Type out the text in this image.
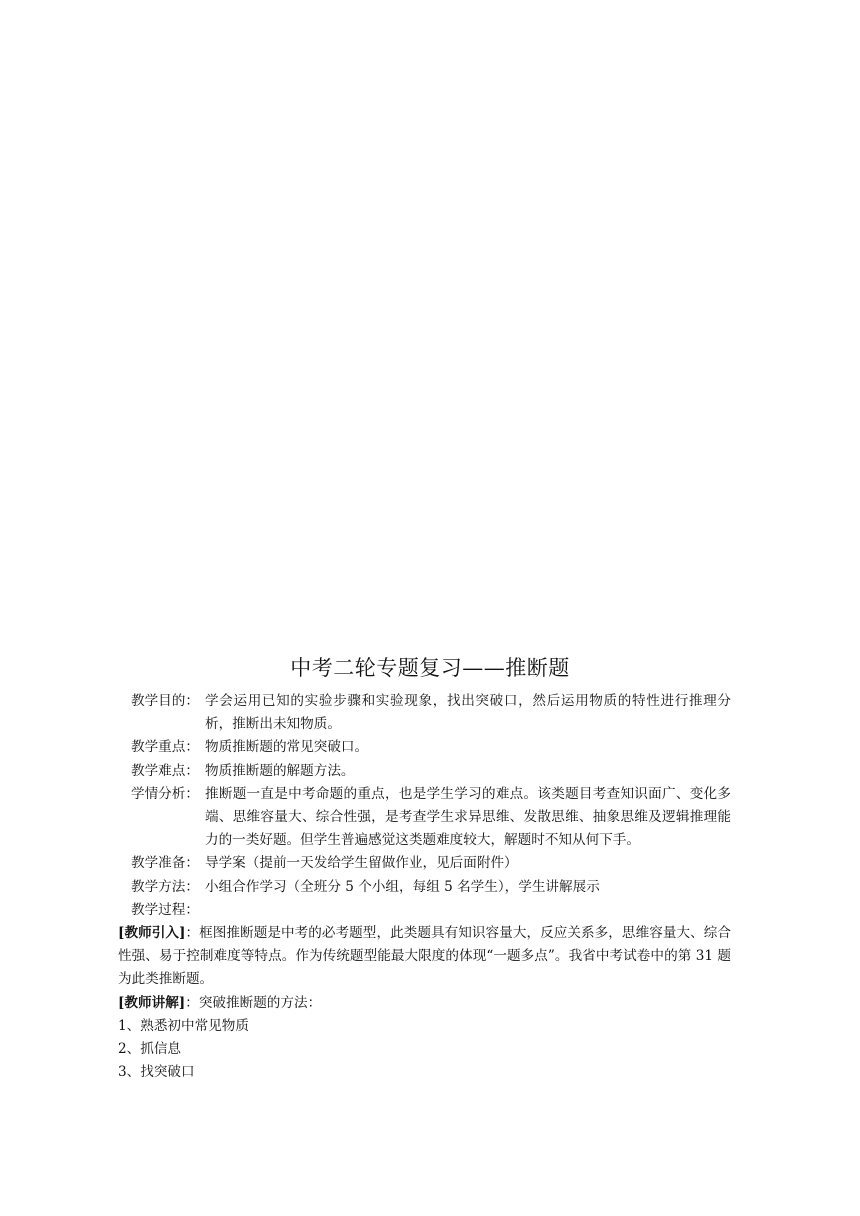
中考二轮专题复习——推断题
教学目的： 学会运用已知的实验步骤和实验现象，找出突破口，然后运用物质的特性进行推理分析，推断出未知物质。
教学重点： 物质推断题的常见突破口。
教学难点： 物质推断题的解题方法。
学情分析： 推断题一直是中考命题的重点，也是学生学习的难点。该类题目考查知识面广、变化多端、思维容量大、综合性强，是考查学生求异思维、发散思维、抽象思维及逻辑推理能力的一类好题。但学生普遍感觉这类题难度较大，解题时不知从何下手。
教学准备： 导学案（提前一天发给学生留做作业，见后面附件）
教学方法： 小组合作学习（全班分 5 个小组，每组 5 名学生），学生讲解展示
教学过程：
[教师引入]：框图推断题是中考的必考题型，此类题具有知识容量大，反应关系多，思维容量大、综合性强、易于控制难度等特点。作为传统题型能最大限度的体现“一题多点”。我省中考试卷中的第 31 题为此类推断题。
[教师讲解]：突破推断题的方法：
1、熟悉初中常见物质
2、抓信息
3、找突破口
